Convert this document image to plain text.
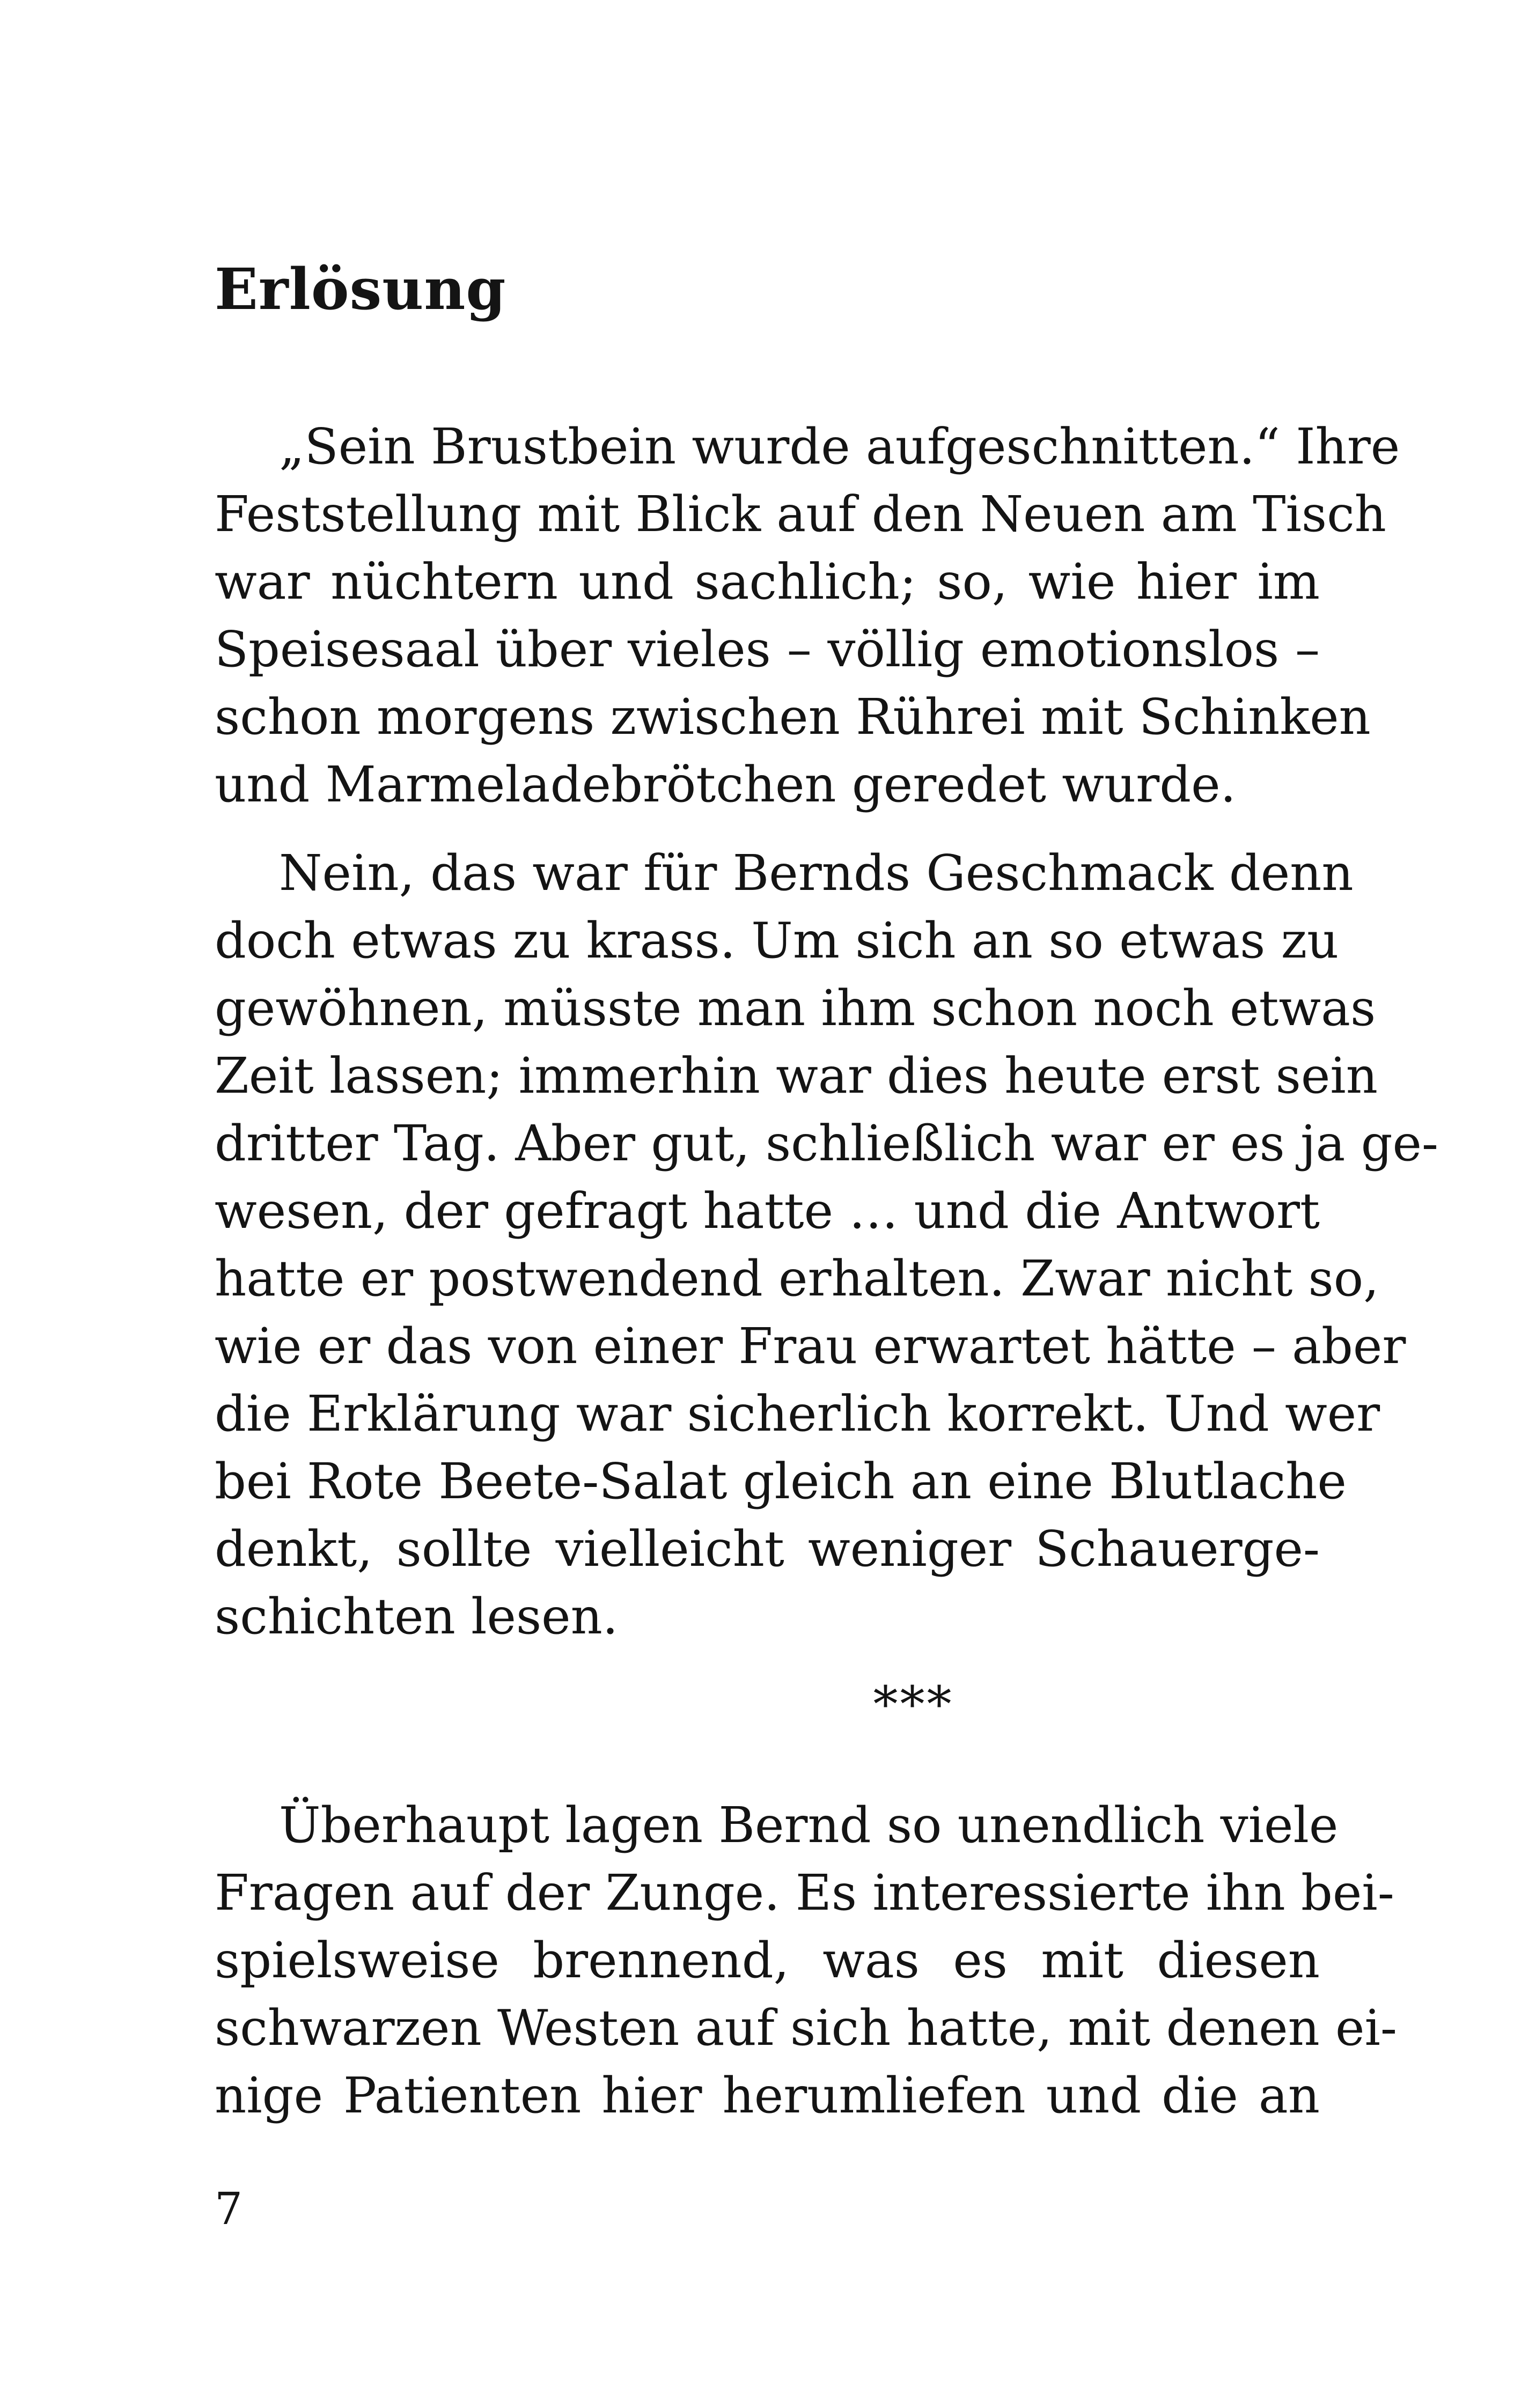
Erlösung
„Sein Brustbein wurde aufgeschnitten.“ Ihre
Feststellung mit Blick auf den Neuen am Tisch
war nüchtern und sachlich; so, wie hier im
Speisesaal über vieles – völlig emotionslos –
schon morgens zwischen Rührei mit Schinken
und Marmeladebrötchen geredet wurde.
Nein, das war für Bernds Geschmack denn
doch etwas zu krass. Um sich an so etwas zu
gewöhnen, müsste man ihm schon noch etwas
Zeit lassen; immerhin war dies heute erst sein
dritter Tag. Aber gut, schließlich war er es ja ge-
wesen, der gefragt hatte … und die Antwort
hatte er postwendend erhalten. Zwar nicht so,
wie er das von einer Frau erwartet hätte – aber
die Erklärung war sicherlich korrekt. Und wer
bei Rote Beete-Salat gleich an eine Blutlache
denkt, sollte vielleicht weniger Schauerge-
schichten lesen.
***
Überhaupt lagen Bernd so unendlich viele
Fragen auf der Zunge. Es interessierte ihn bei-
spielsweise brennend, was es mit diesen
schwarzen Westen auf sich hatte, mit denen ei-
nige Patienten hier herumliefen und die an
7
